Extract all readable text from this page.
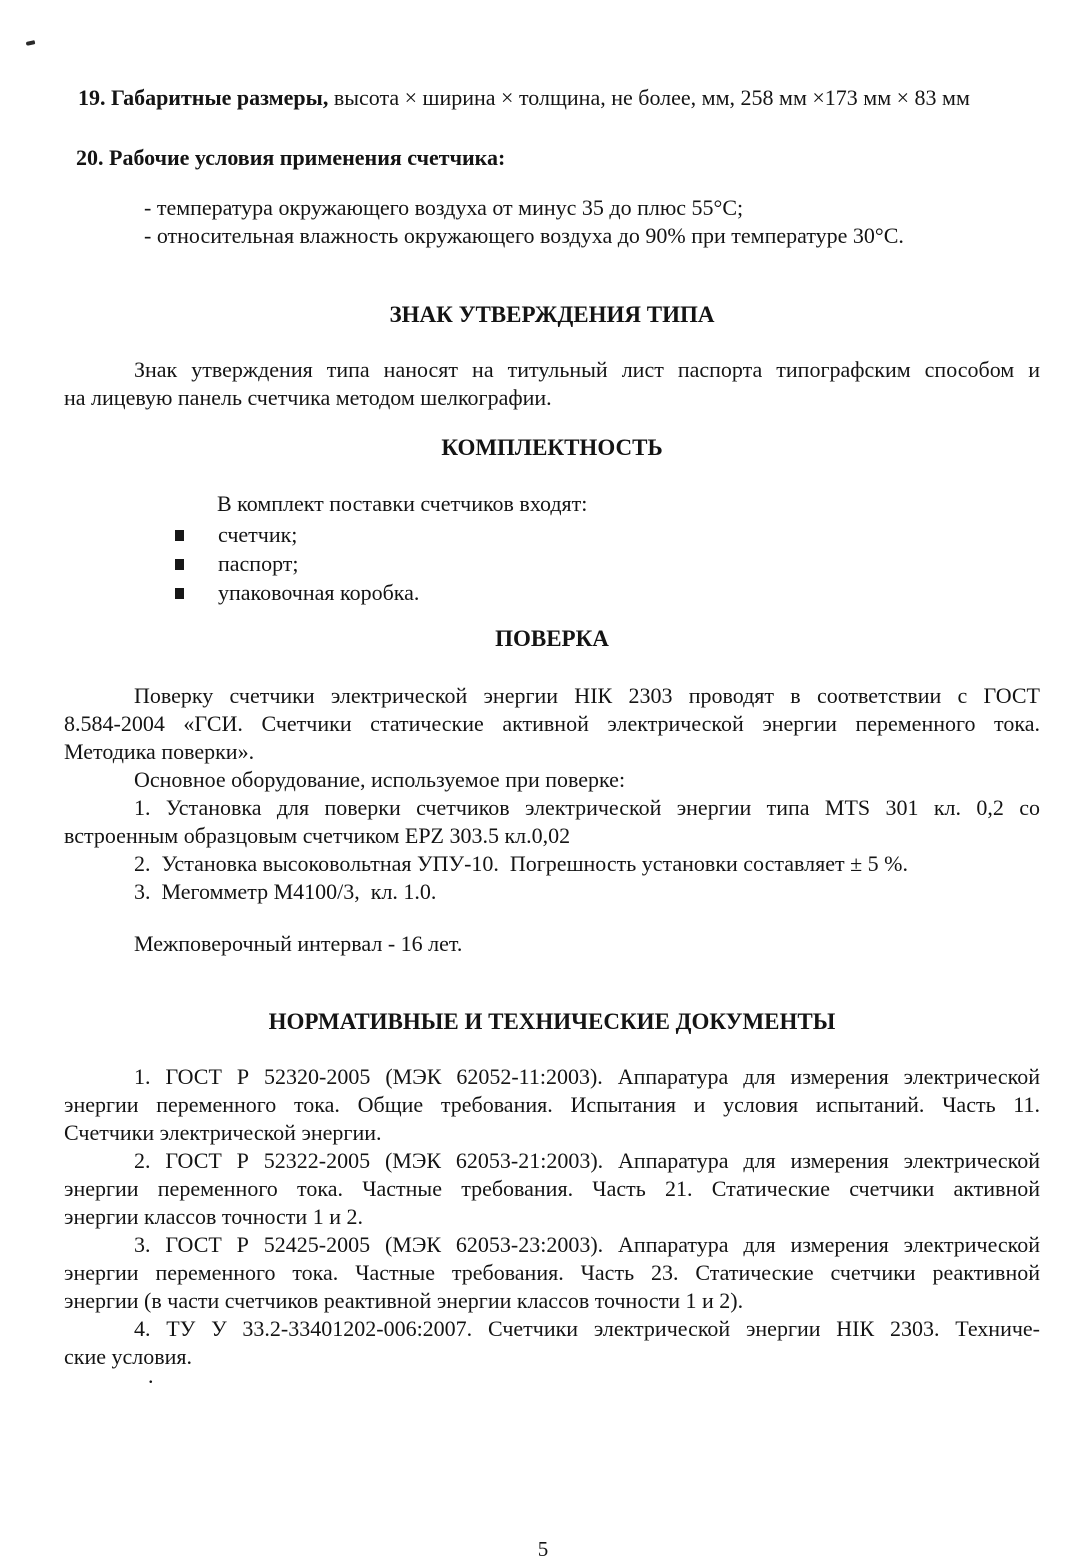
19. Габаритные размеры, высота × ширина × толщина, не более, мм, 258 мм ×173 мм × 83 мм
20. Рабочие условия применения счетчика:
- температура окружающего воздуха от минус 35 до плюс 55°С;
- относительная влажность окружающего воздуха до 90% при температуре 30°С.
ЗНАК УТВЕРЖДЕНИЯ ТИПА
Знак утверждения типа наносят на титульный лист паспорта типографским способом и
на лицевую панель счетчика методом шелкографии.
КОМПЛЕКТНОСТЬ
В комплект поставки счетчиков входят:
счетчик;
паспорт;
упаковочная коробка.
ПОВЕРКА
Поверку счетчики электрической энергии НІК 2303 проводят в соответствии с ГОСТ
8.584-2004 «ГСИ. Счетчики статические активной электрической энергии переменного тока.
Методика поверки».
Основное оборудование, используемое при поверке:
1. Установка для поверки счетчиков электрической энергии типа MTS 301 кл. 0,2 со
встроенным образцовым счетчиком EPZ 303.5 кл.0,02
2.  Установка высоковольтная УПУ-10.  Погрешность установки составляет ± 5 %.
3.  Мегомметр М4100/3,  кл. 1.0.
Межповерочный интервал - 16 лет.
НОРМАТИВНЫЕ И ТЕХНИЧЕСКИЕ ДОКУМЕНТЫ
1. ГОСТ Р 52320-2005 (МЭК 62052-11:2003). Аппаратура для измерения электрической
энергии переменного тока. Общие требования. Испытания и условия испытаний. Часть 11.
Счетчики электрической энергии.
2. ГОСТ Р 52322-2005 (МЭК 62053-21:2003). Аппаратура для измерения электрической
энергии переменного тока. Частные требования. Часть 21. Статические счетчики активной
энергии классов точности 1 и 2.
3. ГОСТ Р 52425-2005 (МЭК 62053-23:2003). Аппаратура для измерения электрической
энергии переменного тока. Частные требования. Часть 23. Статические счетчики реактивной
энергии (в части счетчиков реактивной энергии классов точности 1 и 2).
4. ТУ У 33.2-33401202-006:2007. Счетчики электрической энергии НІК 2303. Техниче-
ские условия.
.
5
